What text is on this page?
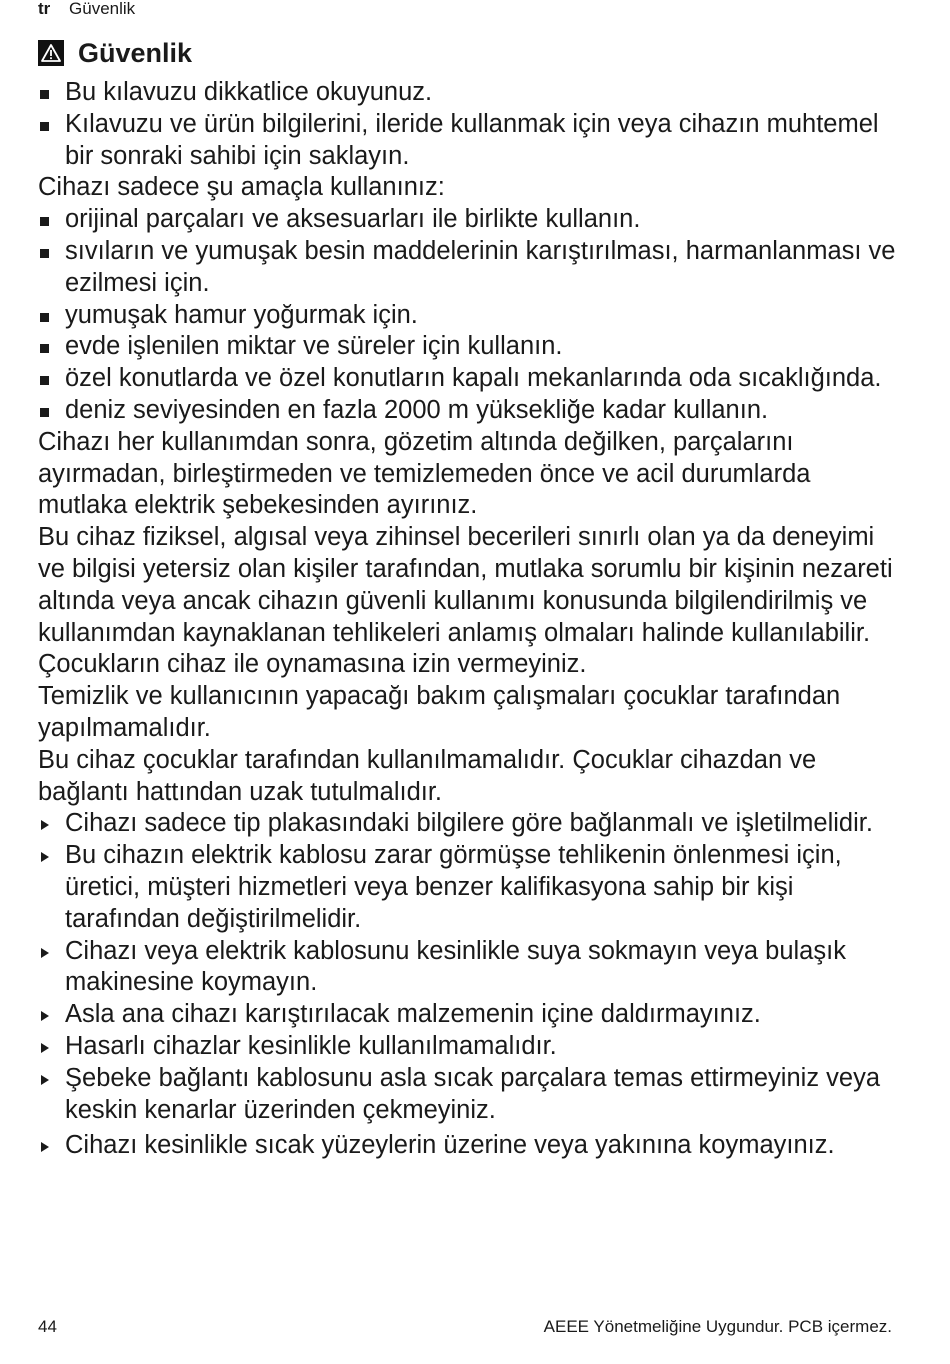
tr Güvenlik
Güvenlik
Bu kılavuzu dikkatlice okuyunuz.
Kılavuzu ve ürün bilgilerini, ileride kullanmak için veya cihazın muhtemel bir sonraki sahibi için saklayın.

Cihazı sadece şu amaçla kullanınız:

orijinal parçaları ve aksesuarları ile birlikte kullanın.
sıvıların ve yumuşak besin maddelerinin karıştırılması, harmanlanması ve ezilmesi için.
yumuşak hamur yoğurmak için.
evde işlenilen miktar ve süreler için kullanın.
özel konutlarda ve özel konutların kapalı mekanlarında oda sıcaklığında.
deniz seviyesinden en fazla 2000 m yüksekliğe kadar kullanın.

Cihazı her kullanımdan sonra, gözetim altında değilken, parçalarını ayırmadan, birleştirmeden ve temizlemeden önce ve acil durumlarda mutlaka elektrik şebekesinden ayırınız.

Bu cihaz fiziksel, algısal veya zihinsel becerileri sınırlı olan ya da deneyimi ve bilgisi yetersiz olan kişiler tarafından, mutlaka sorumlu bir kişinin nezareti altında veya ancak cihazın güvenli kullanımı konusunda bilgilendirilmiş ve kullanımdan kaynaklanan tehlikeleri anlamış olmaları halinde kullanılabilir.

Çocukların cihaz ile oynamasına izin vermeyiniz.

Temizlik ve kullanıcının yapacağı bakım çalışmaları çocuklar tarafından yapılmamalıdır.

Bu cihaz çocuklar tarafından kullanılmamalıdır. Çocuklar cihazdan ve bağlantı hattından uzak tutulmalıdır.

Cihazı sadece tip plakasındaki bilgilere göre bağlanmalı ve işletilmelidir.
Bu cihazın elektrik kablosu zarar görmüşse tehlikenin önlenmesi için, üretici, müşteri hizmetleri veya benzer kalifikasyona sahip bir kişi tarafından değiştirilmelidir.
Cihazı veya elektrik kablosunu kesinlikle suya sokmayın veya bulaşık makinesine koymayın.
Asla ana cihazı karıştırılacak malzemenin içine daldırmayınız.
Hasarlı cihazlar kesinlikle kullanılmamalıdır.
Şebeke bağlantı kablosunu asla sıcak parçalara temas ettirmeyiniz veya keskin kenarlar üzerinden çekmeyiniz.
Cihazı kesinlikle sıcak yüzeylerin üzerine veya yakınına koymayınız.
44	AEEE Yönetmeliğine Uygundur. PCB içermez.
